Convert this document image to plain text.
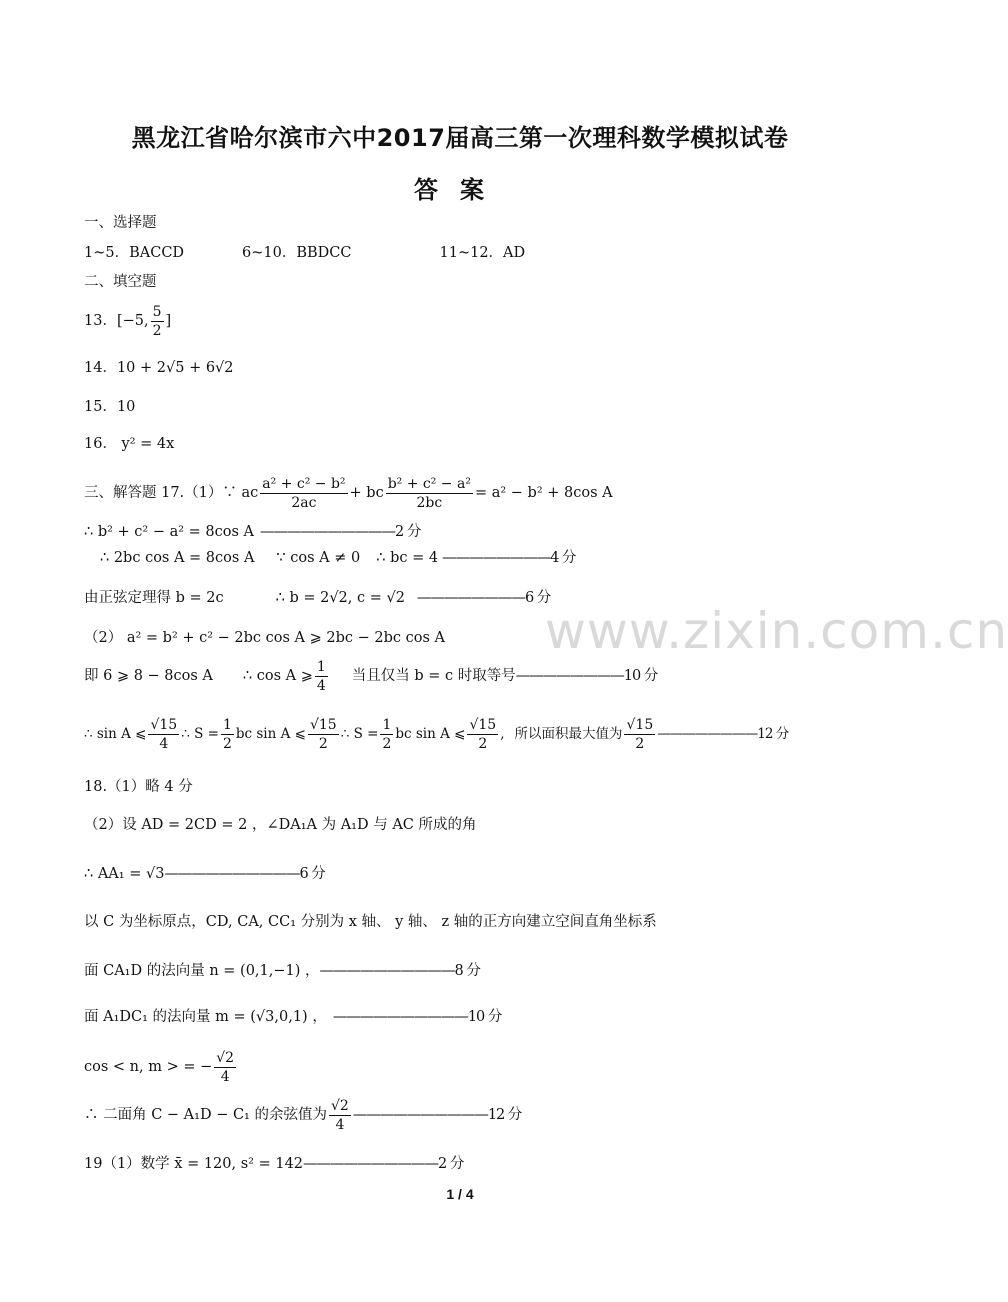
黑龙江省哈尔滨市六中2017届高三第一次理科数学模拟试卷
答案
www.zixin.com.cn
一、选择题
1~5．BACCD	6~10．BBDCC	11~12．AD
二、填空题
13．[−5, $\frac{5}{2}$ ]
14．10 + 2√5 + 6√2
15．10
16． y² = 4x
三、解答题 17.（1）∵ ac $\frac{\text{a² + c² − b²}}{2ac}$ + bc $\frac{\text{b² + c² − a²}}{2bc} = a^2 - b^2 + 8\cos$ A
∴ b² + c² − a² = 8cos A ——————————2 分
∴ 2bc cos A = 8cos A ∵ cos A ≠ 0 ∴ bc = 4 ————————4 分
由正弦定理得 b = 2c	∴ b = 2√2, c = √2 ————————6 分
（2） a² = b² + c² − 2bc cos A ⩾ 2bc − 2bc cos A
即 6 ⩾ 8 − 8cos A ∴ cos A ⩾ $\frac{1}{4}$ 当且仅当 b = c 时取等号 ————————10 分
∴ sin A ⩽ $\frac{√15}{4}$ ∴ $S = \frac{1}{2}$ bc sin A ⩽ $\frac{√15}{2}$ ∴ $S = \frac{1}{2}$ bc sin A ⩽ $\frac{√15}{2}$ , 所以面积最大值为 $\frac{√15}{2}$ ————————12 分
18.（1）略 4 分
（2）设 AD = 2CD = 2 ，∠DA₁A 为 A₁D 与 AC 所成的角
∴ AA₁ = √3 ——————————6 分
以 C 为坐标原点，CD, CA, CC₁ 分别为 x 轴、 y 轴、 z 轴的正方向建立空间直角坐标系
面 CA₁D 的法向量 n = (0,1,−1) ， ——————————8 分
面 A₁DC₁ 的法向量 m = (√3,0,1) ， ——————————10 分
cos < n, m > = − $\frac{√2}{4}$
∴ 二面角 C − A₁D − C₁ 的余弦值为 $\frac{√2}{4}$ ——————————12 分
19（1）数学 x̄ = 120, s² = 142 ——————————2 分
1 / 4
